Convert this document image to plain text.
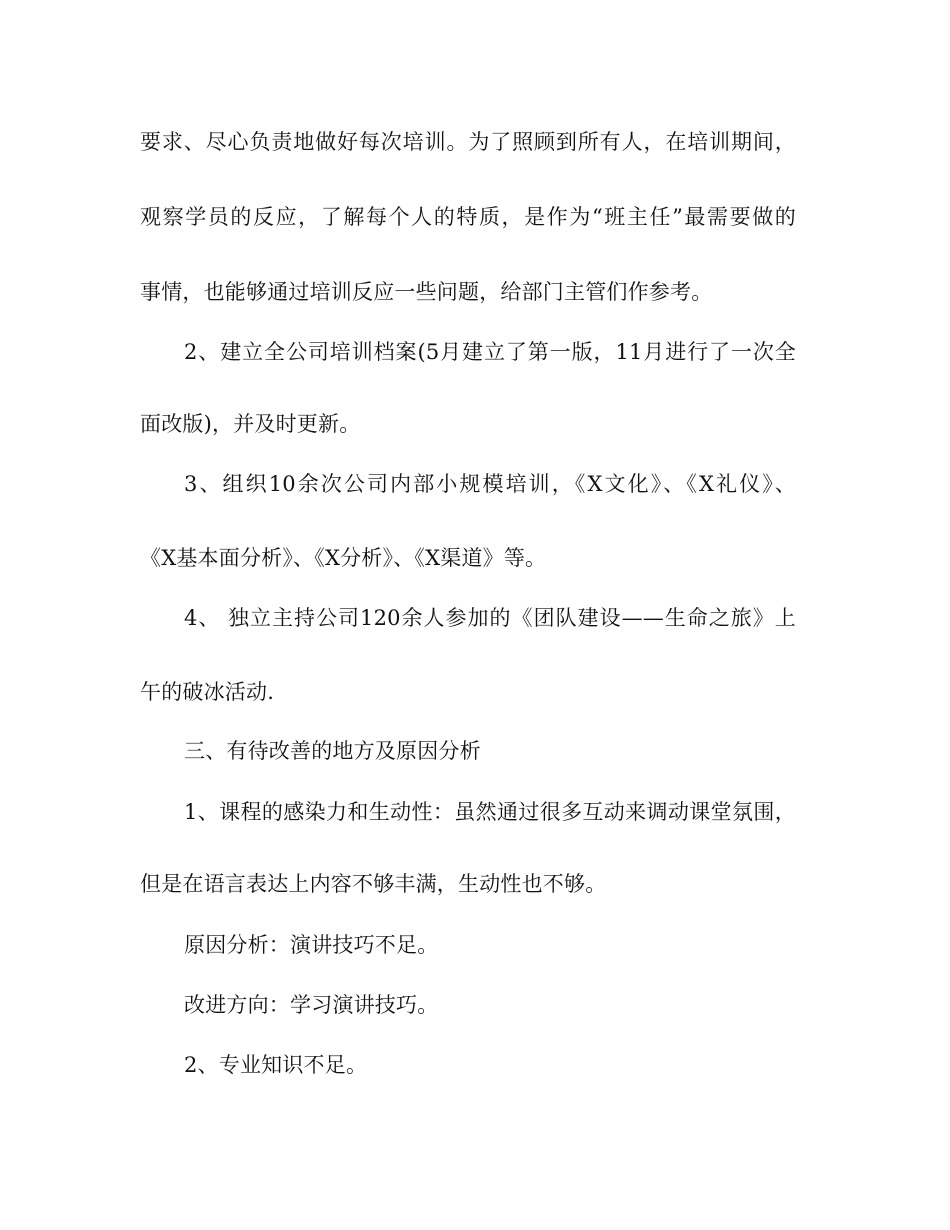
要求、尽心负责地做好每次培训。为了照顾到所有人，在培训期间，
观察学员的反应，了解每个人的特质，是作为“班主任”最需要做的
事情，也能够通过培训反应一些问题，给部门主管们作参考。
2、建立全公司培训档案(5月建立了第一版，11月进行了一次全
面改版)，并及时更新。
3、组织10余次公司内部小规模培训，《X文化》、《X礼仪》、
《X基本面分析》、《X分析》、《X渠道》等。
4、 独立主持公司120余人参加的《团队建设——生命之旅》上
午的破冰活动.
三、有待改善的地方及原因分析
1、课程的感染力和生动性：虽然通过很多互动来调动课堂氛围，
但是在语言表达上内容不够丰满，生动性也不够。
原因分析：演讲技巧不足。
改进方向：学习演讲技巧。
2、专业知识不足。
